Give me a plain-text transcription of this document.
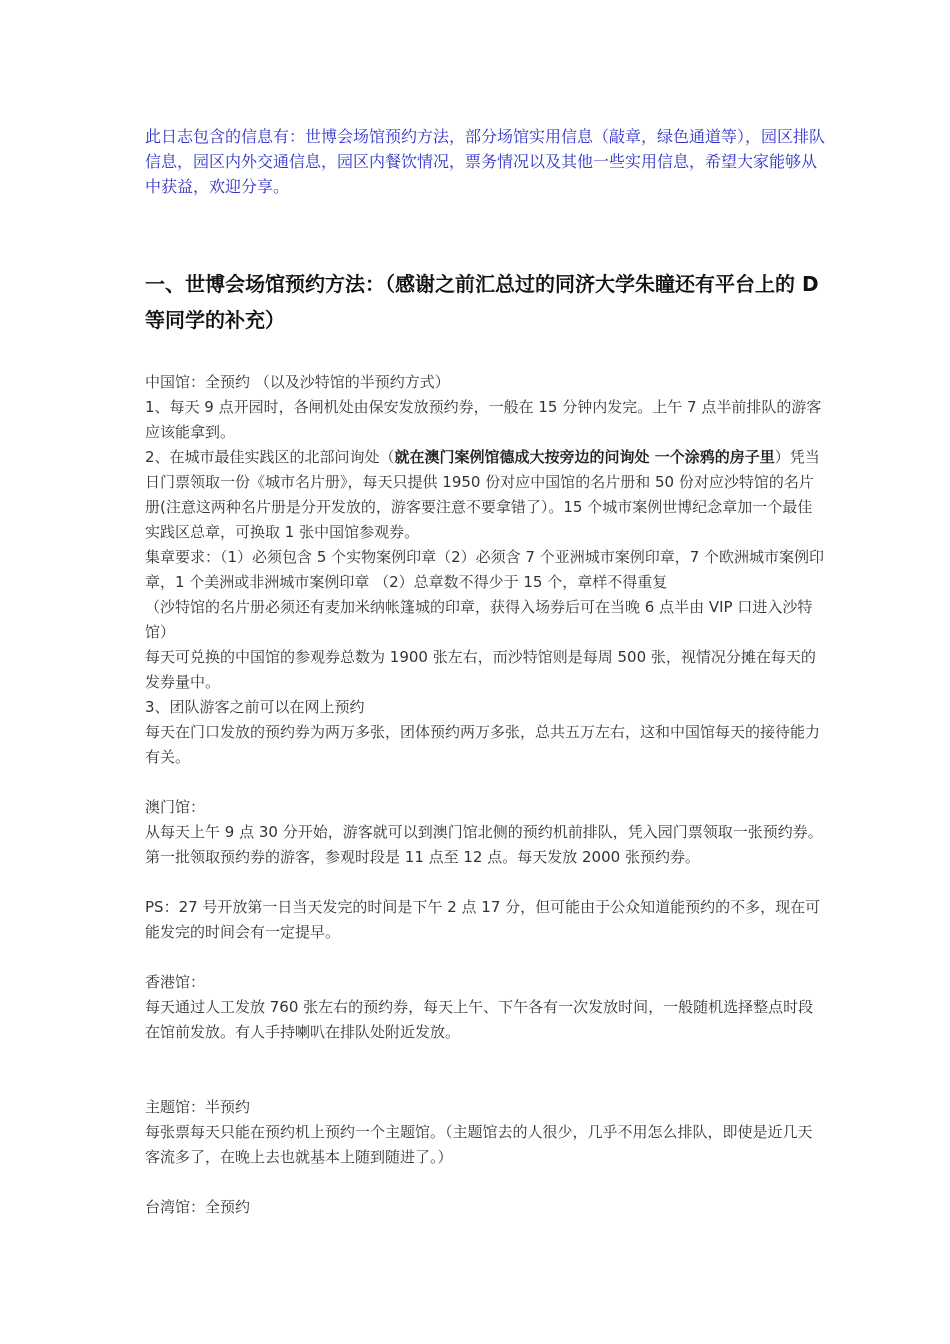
此日志包含的信息有：世博会场馆预约方法，部分场馆实用信息（敲章，绿色通道等），园区排队信息，园区内外交通信息，园区内餐饮情况，票务情况以及其他一些实用信息，希望大家能够从中获益，欢迎分享。

一、世博会场馆预约方法：（感谢之前汇总过的同济大学朱瞳还有平台上的 D 等同学的补充）

中国馆：全预约 （以及沙特馆的半预约方式）

1、每天 9 点开园时，各闸机处由保安发放预约券，一般在 15 分钟内发完。上午 7 点半前排队的游客应该能拿到。

2、在城市最佳实践区的北部问询处（就在澳门案例馆德成大按旁边的问询处 一个涂鸦的房子里）凭当日门票领取一份《城市名片册》，每天只提供 1950 份对应中国馆的名片册和 50 份对应沙特馆的名片册(注意这两种名片册是分开发放的，游客要注意不要拿错了）。15 个城市案例世博纪念章加一个最佳实践区总章，可换取 1 张中国馆参观券。

集章要求：（1）必须包含 5 个实物案例印章（2）必须含 7 个亚洲城市案例印章，7 个欧洲城市案例印章，1 个美洲或非洲城市案例印章 （2）总章数不得少于 15 个，章样不得重复

（沙特馆的名片册必须还有麦加米纳帐篷城的印章，获得入场券后可在当晚 6 点半由 VIP 口进入沙特馆）

每天可兑换的中国馆的参观券总数为 1900 张左右，而沙特馆则是每周 500 张，视情况分摊在每天的发券量中。

3、团队游客之前可以在网上预约

每天在门口发放的预约券为两万多张，团体预约两万多张，总共五万左右，这和中国馆每天的接待能力有关。

澳门馆：

从每天上午 9 点 30 分开始，游客就可以到澳门馆北侧的预约机前排队，凭入园门票领取一张预约券。第一批领取预约券的游客，参观时段是 11 点至 12 点。每天发放 2000 张预约券。

PS：27 号开放第一日当天发完的时间是下午 2 点 17 分，但可能由于公众知道能预约的不多，现在可能发完的时间会有一定提早。

香港馆：

每天通过人工发放 760 张左右的预约券，每天上午、下午各有一次发放时间，一般随机选择整点时段在馆前发放。有人手持喇叭在排队处附近发放。

主题馆：半预约

每张票每天只能在预约机上预约一个主题馆。（主题馆去的人很少，几乎不用怎么排队，即使是近几天客流多了，在晚上去也就基本上随到随进了。）

台湾馆：全预约
